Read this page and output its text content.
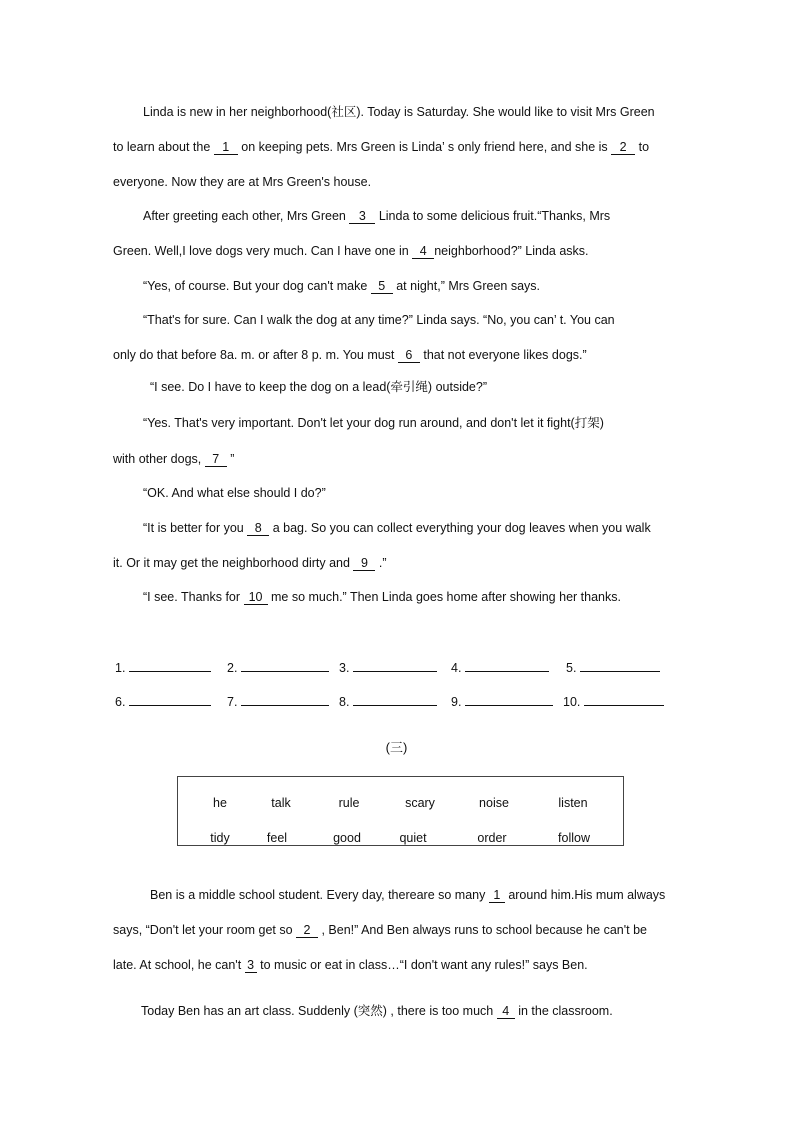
Linda is new in her neighborhood(社区). Today is Saturday. She would like to visit Mrs Green
to learn about the 1 on keeping pets. Mrs Green is Linda’ s only friend here, and she is 2 to
everyone. Now they are at Mrs Green's house.
After greeting each other, Mrs Green 3 Linda to some delicious fruit.“Thanks, Mrs
Green. Well,I love dogs very much. Can I have one in 4 neighborhood?” Linda asks.
“Yes, of course. But your dog can't make 5 at night,” Mrs Green says.
“That's for sure. Can I walk the dog at any time?” Linda says. “No, you can’ t. You can
only do that before 8a. m. or after 8 p. m. You must 6 that not everyone likes dogs.”
“I see. Do I have to keep the dog on a lead(牵引绳) outside?”
“Yes. That's very important. Don't let your dog run around, and don't let it fight(打架)
with other dogs, 7 ”
“OK. And what else should I do?”
“It is better for you 8 a bag. So you can collect everything your dog leaves when you walk
it. Or it may get the neighborhood dirty and 9 .”
“I see. Thanks for 10 me so much.” Then Linda goes home after showing her thanks.
1.	2.	3.	4.	5.
6.	7.	8.	9.	10.
(三)
he	talk	rule	scary	noise	listen
tidy	feel	good	quiet	order	follow
Ben is a middle school student. Every day, thereare so many 1 around him.His mum always
says, “Don't let your room get so 2 , Ben!” And Ben always runs to school because he can't be
late. At school, he can't 3 to music or eat in class…“I don't want any rules!” says Ben.
Today Ben has an art class. Suddenly (突然) , there is too much 4 in the classroom.
